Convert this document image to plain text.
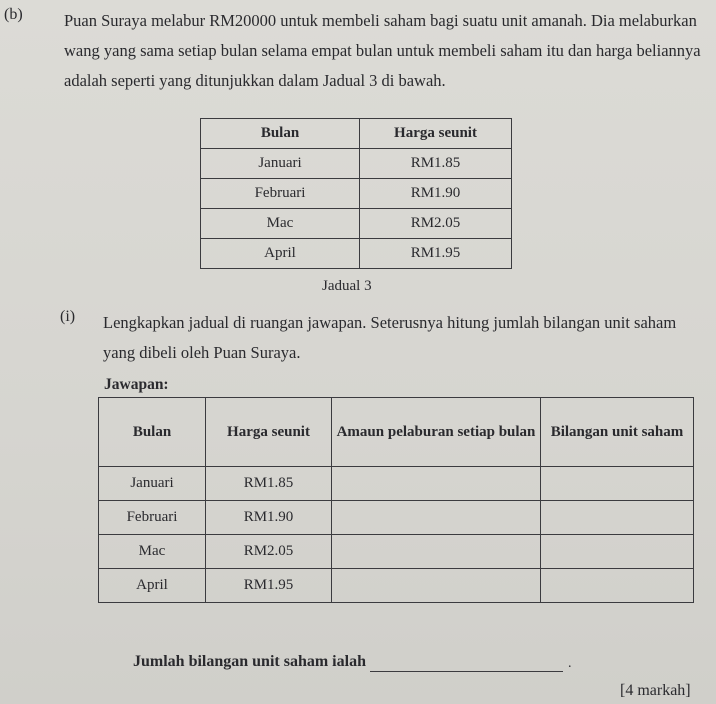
(b)	Puan Suraya melabur RM20000 untuk membeli saham bagi suatu unit amanah. Dia melaburkan wang yang sama setiap bulan selama empat bulan untuk membeli saham itu dan harga beliannya adalah seperti yang ditunjukkan dalam Jadual 3 di bawah.
Bulan	Harga seunit
Januari	RM1.85
Februari	RM1.90
Mac	RM2.05
April	RM1.95
Jadual 3
(i) Lengkapkan jadual di ruangan jawapan. Seterusnya hitung jumlah bilangan unit saham yang dibeli oleh Puan Suraya.
Jawapan:
Bulan	Harga seunit	Amaun pelaburan setiap bulan	Bilangan unit saham
Januari	RM1.85		
Februari	RM1.90		
Mac	RM2.05		
April	RM1.95		
Jumlah bilangan unit saham ialah	.
[4 markah]
